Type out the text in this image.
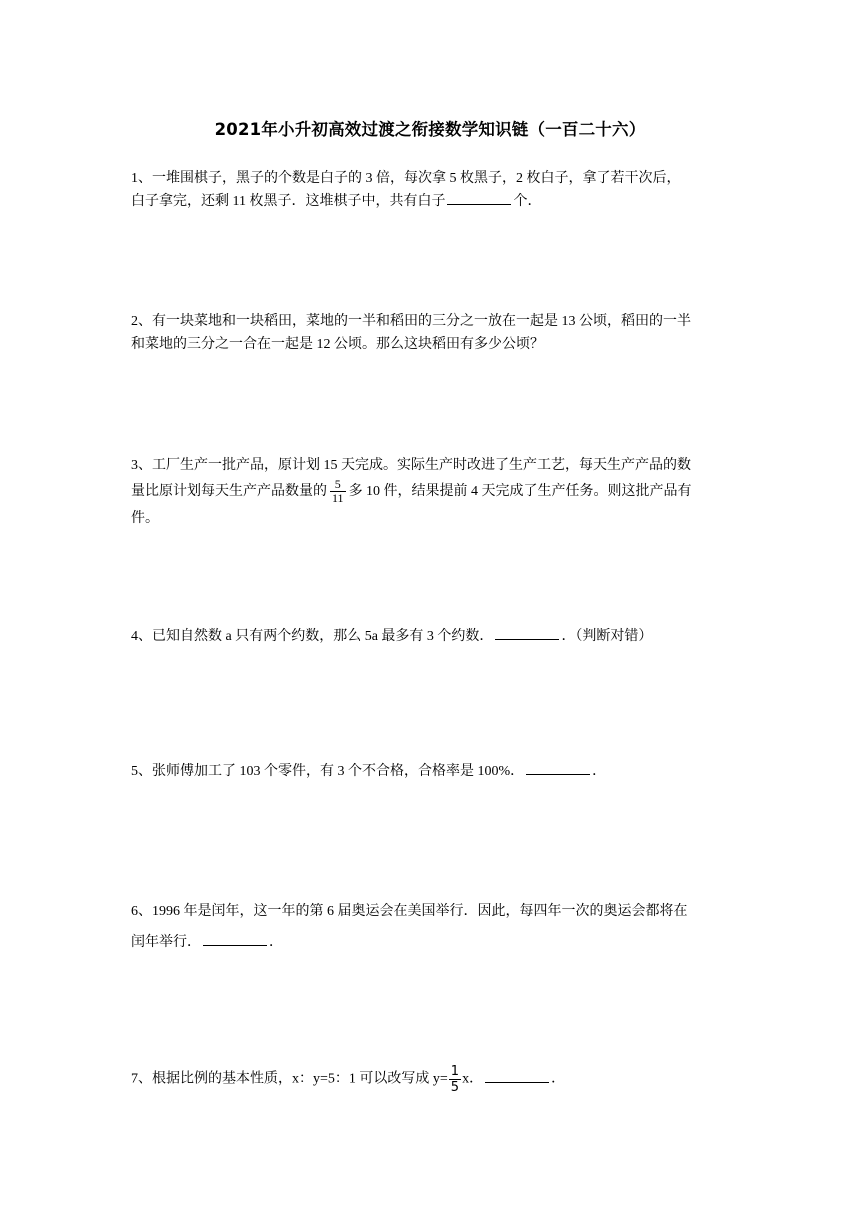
2021年小升初高效过渡之衔接数学知识链（一百二十六）
1、一堆围棋子，黑子的个数是白子的 3 倍，每次拿 5 枚黑子，2 枚白子，拿了若干次后，
白子拿完，还剩 11 枚黑子．这堆棋子中，共有白子	个．
2、有一块菜地和一块稻田，菜地的一半和稻田的三分之一放在一起是 13 公顷，稻田的一半
和菜地的三分之一合在一起是 12 公顷。那么这块稻田有多少公顷？
3、工厂生产一批产品，原计划 15 天完成。实际生产时改进了生产工艺，每天生产产品的数
量比原计划每天生产产品数量的 $\frac{5}{11}$ 多 10 件，结果提前 4 天完成了生产任务。则这批产品有
件。
4、已知自然数 a 只有两个约数，那么 5a 最多有 3 个约数．	．（判断对错）
5、张师傅加工了 103 个零件，有 3 个不合格，合格率是 100%．	．
6、1996 年是闰年，这一年的第 6 届奥运会在美国举行．因此，每四年一次的奥运会都将在
闰年举行．	．
7、根据比例的基本性质，x：y=5：1 可以改写成 $y= \frac{1}{5}$ x．	．
